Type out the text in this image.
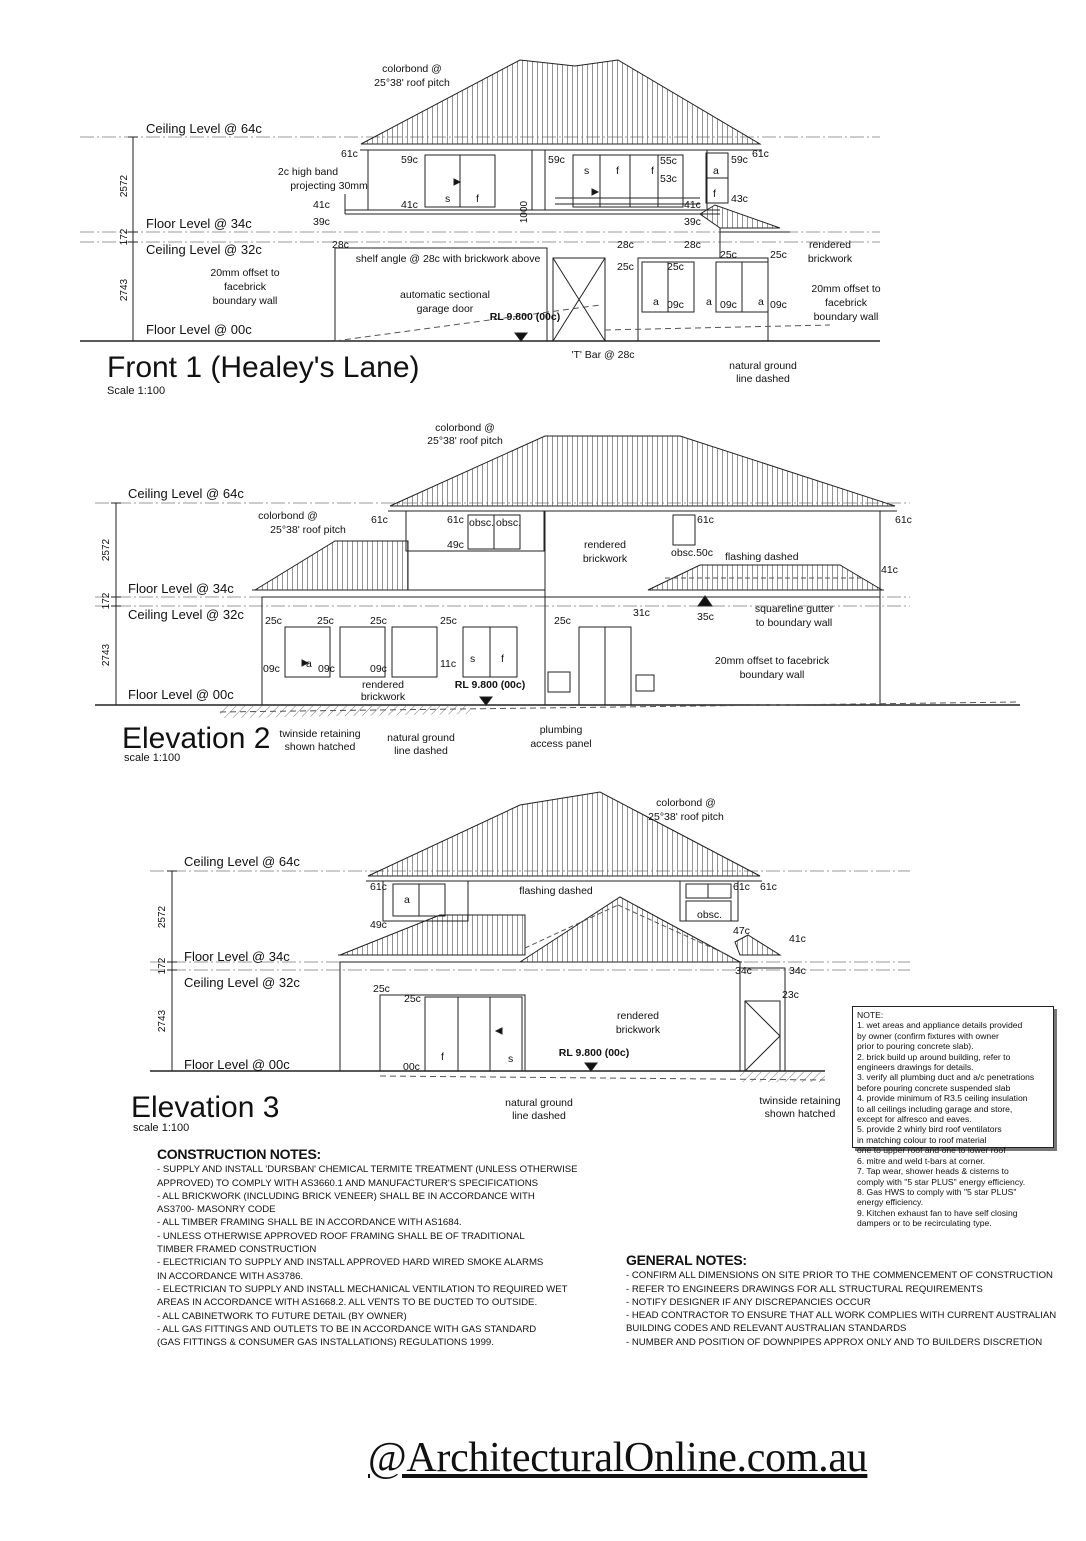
Ceiling Level @ 64c
Floor Level @ 34c
Ceiling Level @ 32c
Floor Level @ 00c
2572
172
2743
1000
colorbond @
25°38' roof pitch
2c high band
projecting 30mm
20mm offset to
facebrick
boundary wall
shelf angle @ 28c with brickwork above
automatic sectional
garage door
RL 9.800 (00c)
'T' Bar @ 28c
natural ground
line dashed
rendered
brickwork
20mm offset to
facebrick
boundary wall
61c	59c
41c
39c
41c
59c	55c
53c
59c 61c
43c
41c
39c
28c	28c	28c
25c	25c
25c	25c
09c	09c	09c
s f
s	f	f	a
f
a	a	a
Front 1 (Healey's Lane)
Scale 1:100
Ceiling Level @ 64c
Floor Level @ 34c
Ceiling Level @ 32c
Floor Level @ 00c
2572
172
2743
colorbond @
25°38' roof pitch
colorbond @
25°38' roof pitch
rendered
brickwork	flashing dashed
squareline gutter
to boundary wall
20mm offset to facebrick
boundary wall
rendered
brickwork
RL 9.800 (00c)
twinside retaining
shown hatched
natural ground
line dashed
plumbing
access panel
61c	61c
49c
obsc. obsc.	61c
obsc.50c
61c
41c
25c	25c	25c	25c	25c
31c	35c
09c	09c	09c	11c
a	s f
Elevation 2
scale 1:100
Ceiling Level @ 64c
Floor Level @ 34c
Ceiling Level @ 32c
Floor Level @ 00c
2572
172
2743
colorbond @
25°38' roof pitch
flashing dashed
rendered
brickwork
RL 9.800 (00c)
natural ground
line dashed
twinside retaining
shown hatched
61c
49c
61c 61c
47c
41c
34c	34c
25c
25c	23c
00c
obsc.
a
s
f
Elevation 3
scale 1:100
NOTE:
1. wet areas and appliance details provided
by owner (confirm fixtures with owner
prior to pouring concrete slab).
2. brick build up around building, refer to
engineers drawings for details.
3. verify all plumbing duct and a/c penetrations
before pouring concrete suspended slab
4. provide minimum of R3.5 ceiling insulation
to all ceilings including garage and store,
except for alfresco and eaves.
5. provide 2 whirly bird roof ventilators
in matching colour to roof material
one to upper roof and one to lower roof
6. mitre and weld t-bars at corner.
7. Tap wear, shower heads & cisterns to
comply with "5 star PLUS" energy efficiency.
8. Gas HWS to comply with "5 star PLUS"
energy efficiency.
9. Kitchen exhaust fan to have self closing
dampers or to be recirculating type.
CONSTRUCTION NOTES:
- SUPPLY AND INSTALL 'DURSBAN' CHEMICAL TERMITE TREATMENT (UNLESS OTHERWISE
APPROVED) TO COMPLY WITH AS3660.1 AND MANUFACTURER'S SPECIFICATIONS
- ALL BRICKWORK (INCLUDING BRICK VENEER) SHALL BE IN ACCORDANCE WITH
AS3700- MASONRY CODE
- ALL TIMBER FRAMING SHALL BE IN ACCORDANCE WITH AS1684.
- UNLESS OTHERWISE APPROVED ROOF FRAMING SHALL BE OF TRADITIONAL
TIMBER FRAMED CONSTRUCTION
- ELECTRICIAN TO SUPPLY AND INSTALL APPROVED HARD WIRED SMOKE ALARMS
IN ACCORDANCE WITH AS3786.
- ELECTRICIAN TO SUPPLY AND INSTALL MECHANICAL VENTILATION TO REQUIRED WET
AREAS IN ACCORDANCE WITH AS1668.2. ALL VENTS TO BE DUCTED TO OUTSIDE.
- ALL CABINETWORK TO FUTURE DETAIL (BY OWNER)
- ALL GAS FITTINGS AND OUTLETS TO BE IN ACCORDANCE WITH GAS STANDARD
(GAS FITTINGS & CONSUMER GAS INSTALLATIONS) REGULATIONS 1999.
GENERAL NOTES:
- CONFIRM ALL DIMENSIONS ON SITE PRIOR TO THE COMMENCEMENT OF CONSTRUCTION
- REFER TO ENGINEERS DRAWINGS FOR ALL STRUCTURAL REQUIREMENTS
- NOTIFY DESIGNER IF ANY DISCREPANCIES OCCUR
- HEAD CONTRACTOR TO ENSURE THAT ALL WORK COMPLIES WITH CURRENT AUSTRALIAN
BUILDING CODES AND RELEVANT AUSTRALIAN STANDARDS
- NUMBER AND POSITION OF DOWNPIPES APPROX ONLY AND TO BUILDERS DISCRETION
@ArchitecturalOnline.com.au
